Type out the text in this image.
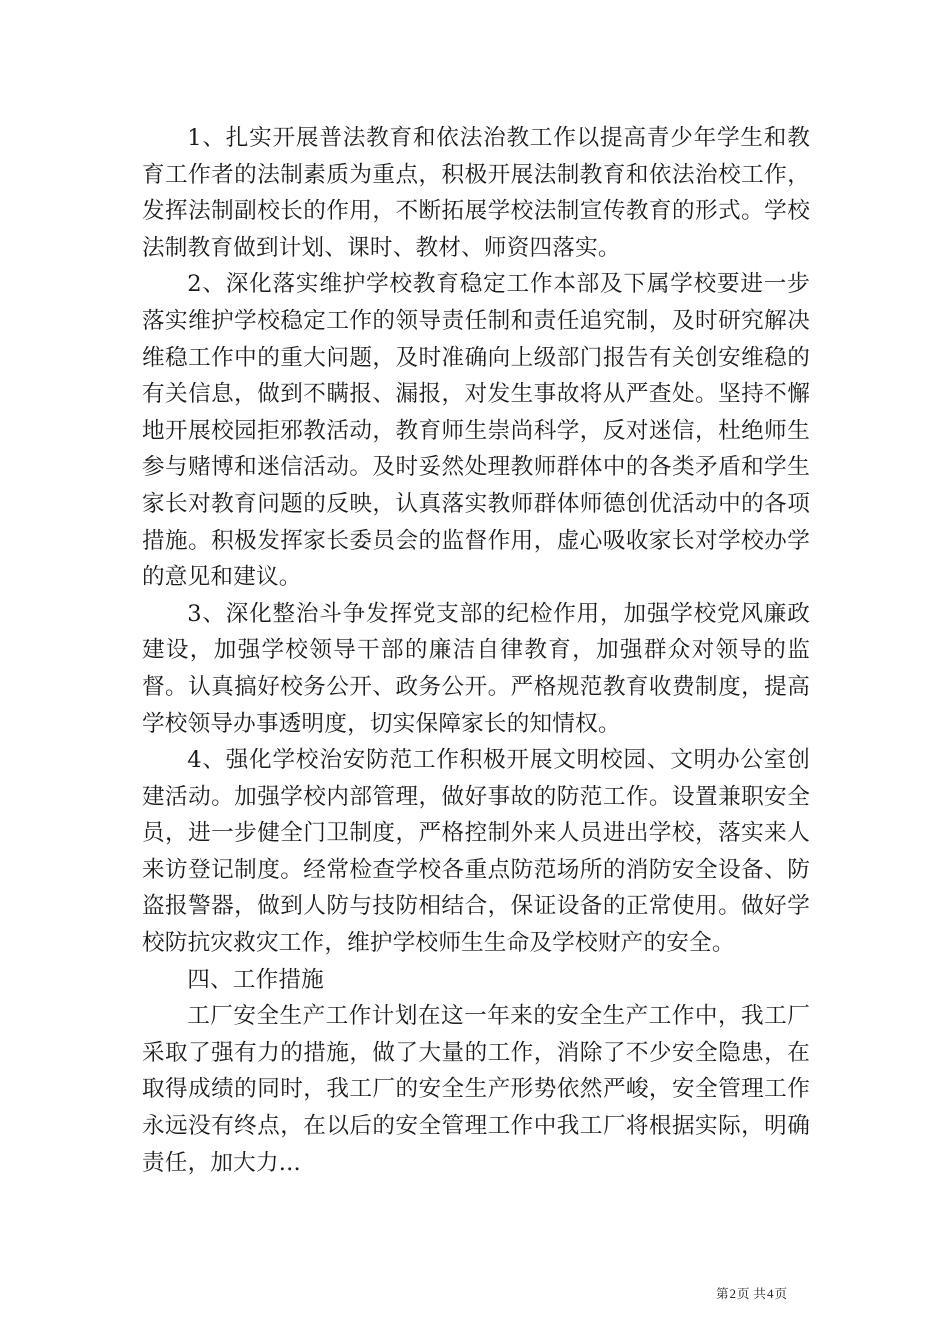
1、扎实开展普法教育和依法治教工作以提高青少年学生和教育工作者的法制素质为重点，积极开展法制教育和依法治校工作，发挥法制副校长的作用，不断拓展学校法制宣传教育的形式。学校法制教育做到计划、课时、教材、师资四落实。

2、深化落实维护学校教育稳定工作本部及下属学校要进一步落实维护学校稳定工作的领导责任制和责任追究制，及时研究解决维稳工作中的重大问题，及时准确向上级部门报告有关创安维稳的有关信息，做到不瞒报、漏报，对发生事故将从严查处。坚持不懈地开展校园拒邪教活动，教育师生崇尚科学，反对迷信，杜绝师生参与赌博和迷信活动。及时妥然处理教师群体中的各类矛盾和学生家长对教育问题的反映，认真落实教师群体师德创优活动中的各项措施。积极发挥家长委员会的监督作用，虚心吸收家长对学校办学的意见和建议。

3、深化整治斗争发挥党支部的纪检作用，加强学校党风廉政建设，加强学校领导干部的廉洁自律教育，加强群众对领导的监督。认真搞好校务公开、政务公开。严格规范教育收费制度，提高学校领导办事透明度，切实保障家长的知情权。

4、强化学校治安防范工作积极开展文明校园、文明办公室创建活动。加强学校内部管理，做好事故的防范工作。设置兼职安全员，进一步健全门卫制度，严格控制外来人员进出学校，落实来人来访登记制度。经常检查学校各重点防范场所的消防安全设备、防盗报警器，做到人防与技防相结合，保证设备的正常使用。做好学校防抗灾救灾工作，维护学校师生生命及学校财产的安全。

四、工作措施

工厂安全生产工作计划在这一年来的安全生产工作中，我工厂采取了强有力的措施，做了大量的工作，消除了不少安全隐患，在取得成绩的同时，我工厂的安全生产形势依然严峻，安全管理工作永远没有终点，在以后的安全管理工作中我工厂将根据实际，明确责任，加大力...

第2页 共4页
